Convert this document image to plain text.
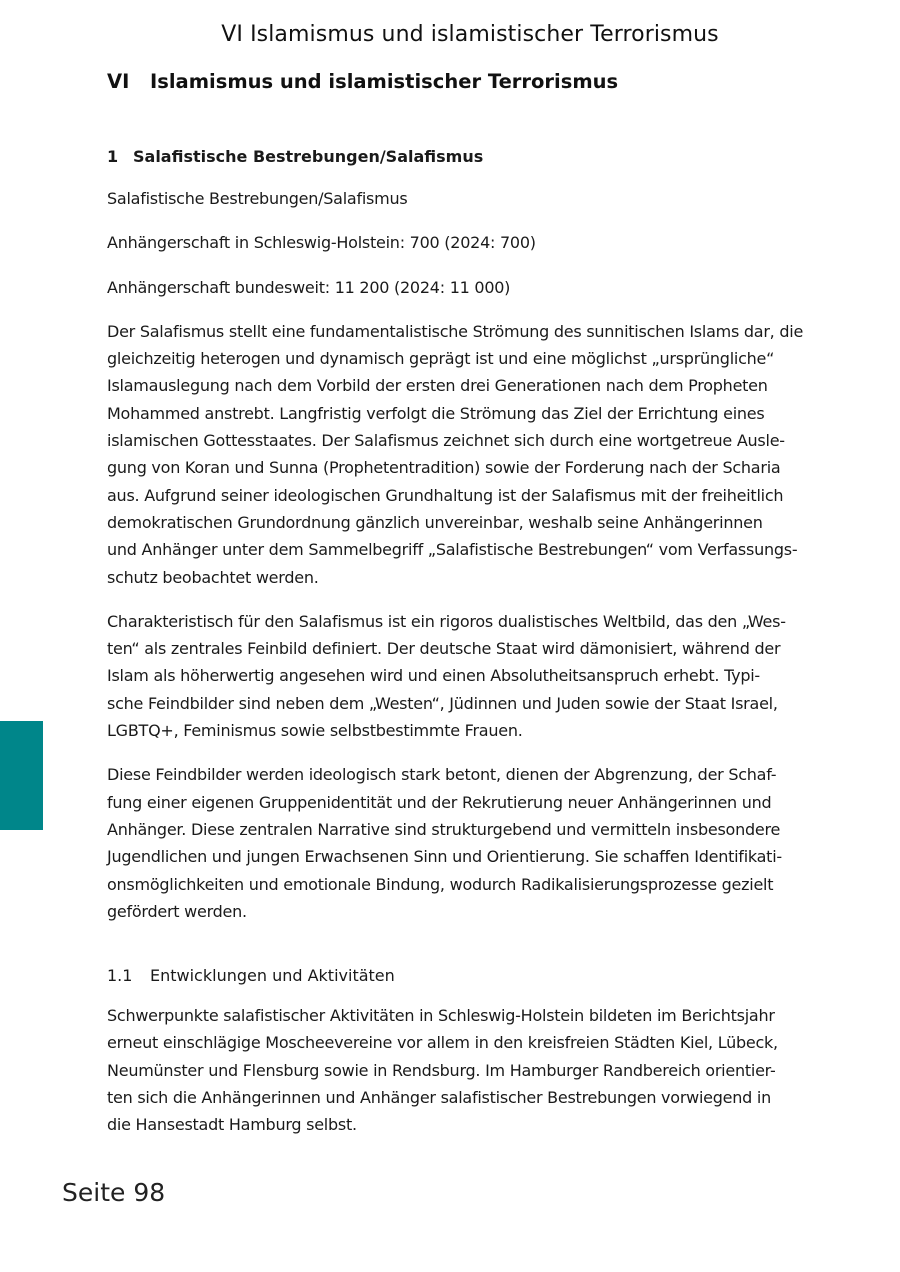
VI Islamismus und islamistischer Terrorismus
VI Islamismus und islamistischer Terrorismus
1 Salafistische Bestrebungen/Salafismus

Salafistische Bestrebungen/Salafismus

Anhängerschaft in Schleswig-Holstein: 700 (2024: 700)

Anhängerschaft bundesweit: 11 200 (2024: 11 000)

Der Salafismus stellt eine fundamentalistische Strömung des sunnitischen Islams dar, die
gleichzeitig heterogen und dynamisch geprägt ist und eine möglichst „ursprüngliche“
Islamauslegung nach dem Vorbild der ersten drei Generationen nach dem Propheten
Mohammed anstrebt. Langfristig verfolgt die Strömung das Ziel der Errichtung eines
islamischen Gottesstaates. Der Salafismus zeichnet sich durch eine wortgetreue Ausle-
gung von Koran und Sunna (Prophetentradition) sowie der Forderung nach der Scharia
aus. Aufgrund seiner ideologischen Grundhaltung ist der Salafismus mit der freiheitlich
demokratischen Grundordnung gänzlich unvereinbar, weshalb seine Anhängerinnen
und Anhänger unter dem Sammelbegriff „Salafistische Bestrebungen“ vom Verfassungs-
schutz beobachtet werden.

Charakteristisch für den Salafismus ist ein rigoros dualistisches Weltbild, das den „Wes-
ten“ als zentrales Feinbild definiert. Der deutsche Staat wird dämonisiert, während der
Islam als höherwertig angesehen wird und einen Absolutheitsanspruch erhebt. Typi-
sche Feindbilder sind neben dem „Westen“, Jüdinnen und Juden sowie der Staat Israel,
LGBTQ+, Feminismus sowie selbstbestimmte Frauen.

Diese Feindbilder werden ideologisch stark betont, dienen der Abgrenzung, der Schaf-
fung einer eigenen Gruppenidentität und der Rekrutierung neuer Anhängerinnen und
Anhänger. Diese zentralen Narrative sind strukturgebend und vermitteln insbesondere
Jugendlichen und jungen Erwachsenen Sinn und Orientierung. Sie schaffen Identifikati-
onsmöglichkeiten und emotionale Bindung, wodurch Radikalisierungsprozesse gezielt
gefördert werden.

1.1 Entwicklungen und Aktivitäten

Schwerpunkte salafistischer Aktivitäten in Schleswig-Holstein bildeten im Berichtsjahr
erneut einschlägige Moscheevereine vor allem in den kreisfreien Städten Kiel, Lübeck,
Neumünster und Flensburg sowie in Rendsburg. Im Hamburger Randbereich orientier-
ten sich die Anhängerinnen und Anhänger salafistischer Bestrebungen vorwiegend in
die Hansestadt Hamburg selbst.

Seite 98
